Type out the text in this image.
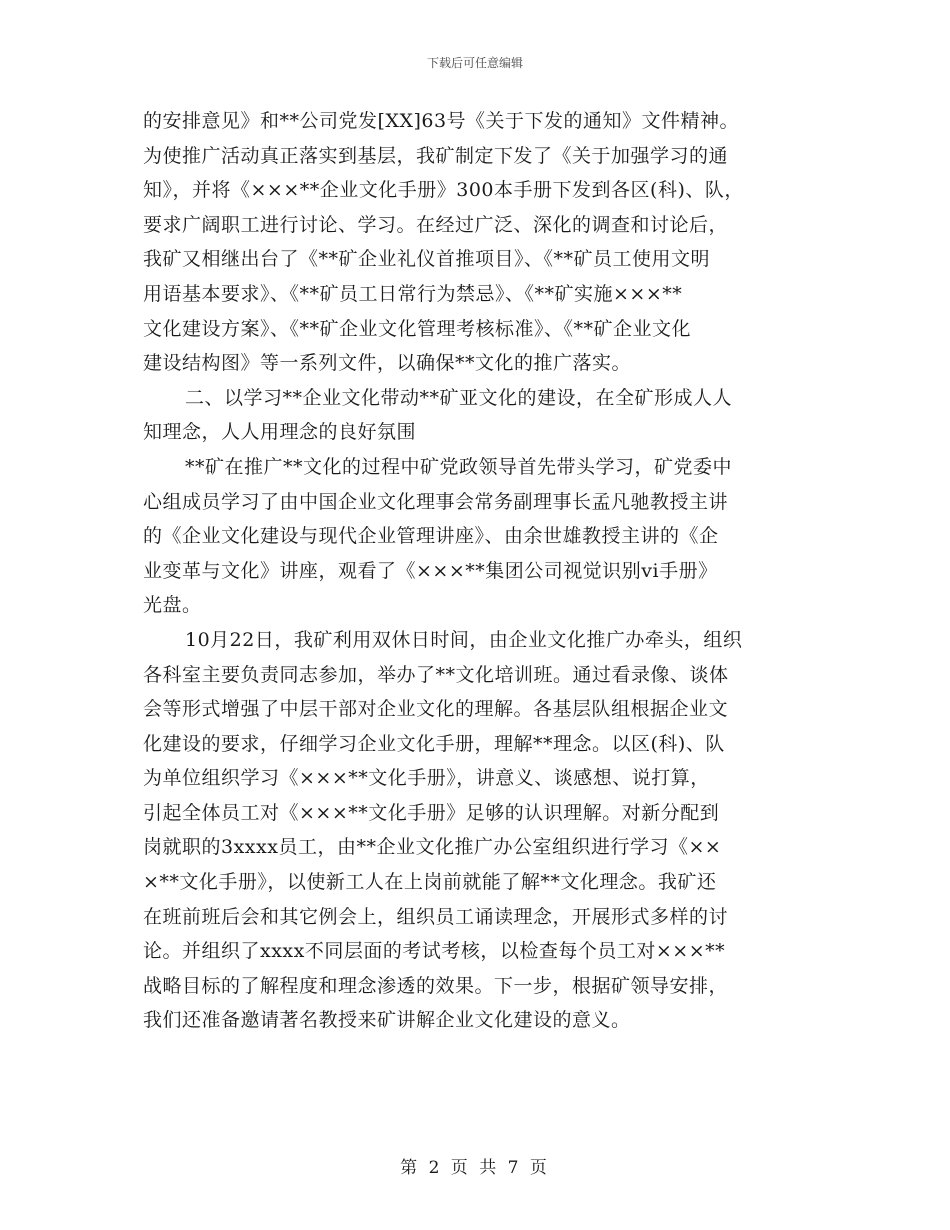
下载后可任意编辑
的安排意见》和**公司党发[XX]63号《关于下发的通知》文件精神。
为使推广活动真正落实到基层，我矿制定下发了《关于加强学习的通
知》，并将《×××**企业文化手册》300本手册下发到各区(科)、队，
要求广阔职工进行讨论、学习。在经过广泛、深化的调查和讨论后，
我矿又相继出台了《**矿企业礼仪首推项目》、《**矿员工使用文明
用语基本要求》、《**矿员工日常行为禁忌》、《**矿实施×××**
文化建设方案》、《**矿企业文化管理考核标准》、《**矿企业文化
建设结构图》等一系列文件，以确保**文化的推广落实。
二、以学习**企业文化带动**矿亚文化的建设，在全矿形成人人
知理念，人人用理念的良好氛围
**矿在推广**文化的过程中矿党政领导首先带头学习，矿党委中
心组成员学习了由中国企业文化理事会常务副理事长孟凡驰教授主讲
的《企业文化建设与现代企业管理讲座》、由余世雄教授主讲的《企
业变革与文化》讲座，观看了《×××**集团公司视觉识别vi手册》
光盘。
10月22日，我矿利用双休日时间，由企业文化推广办牵头，组织
各科室主要负责同志参加，举办了**文化培训班。通过看录像、谈体
会等形式增强了中层干部对企业文化的理解。各基层队组根据企业文
化建设的要求，仔细学习企业文化手册，理解**理念。以区(科)、队
为单位组织学习《×××**文化手册》，讲意义、谈感想、说打算，
引起全体员工对《×××**文化手册》足够的认识理解。对新分配到
岗就职的3xxxx员工，由**企业文化推广办公室组织进行学习《××
×**文化手册》，以使新工人在上岗前就能了解**文化理念。我矿还
在班前班后会和其它例会上，组织员工诵读理念，开展形式多样的讨
论。并组织了xxxx不同层面的考试考核，以检查每个员工对×××**
战略目标的了解程度和理念渗透的效果。下一步，根据矿领导安排，
我们还准备邀请著名教授来矿讲解企业文化建设的意义。
第 2 页 共 7 页
